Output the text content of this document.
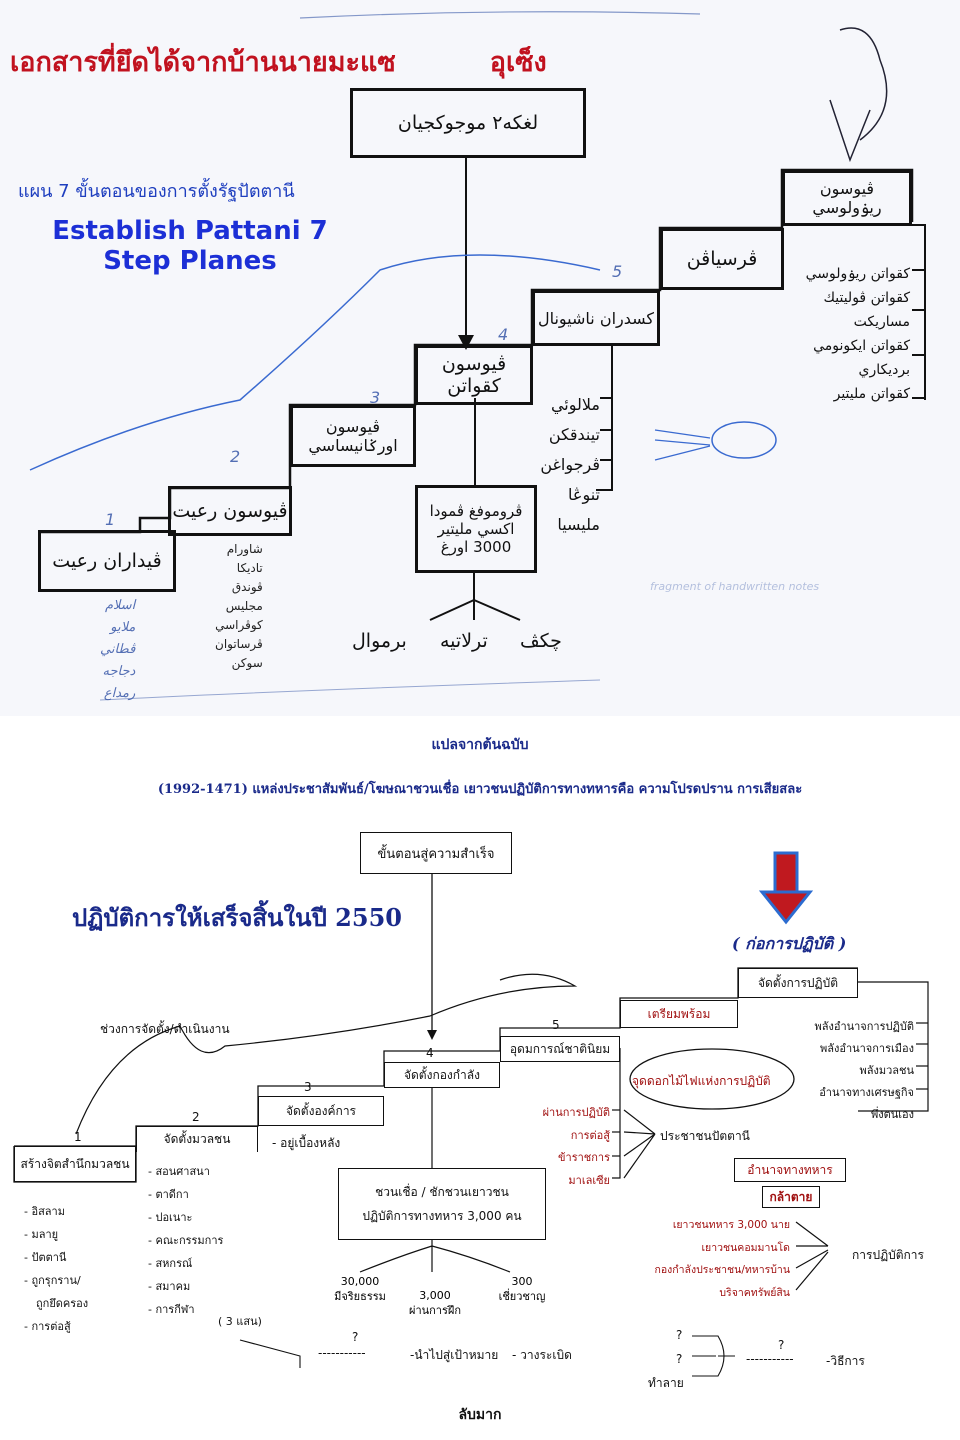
เอกสารที่ยึดได้จากบ้านนายมะแซ          อุเซ็ง
แผน 7 ขั้นตอนของการตั้งรัฐปัตตานี
Establish Pattani 7 Step Planes
لغكه٢ موجوكجيان
ڤيداران رعيت
ڤيوسون رعيت
ڤيوسون اورݢانيساسي
ڤيوسون كقواتن
كسدران ناشيونال
ڤرسياڤن
ڤيوسون ريۏولوسي
1
2
3
4
5
ڤروموفغ ڤمودا اكسي مليتير 3000 اورغ
چكڤ
ترلاتيه
برموال
اسلام
ملايو
ڤطاني
دجاجه
رمداع
شاورام
تاديكا
ڤوندق
مجليس
كوڤراسي
ڤرساتوان
سوكن
ملالوئي تيندقكن
ڤرجواغن
تنوڠا
مليسيا
كقواتن ريۏولوسي
كقواتن ڤوليتيك
مساريكت
كقواتن ايكونومي
برديكاري
كقواتن مليتير
fragment of handwritten notes
แปลจากต้นฉบับ
(1992-1471) แหล่งประชาสัมพันธ์/โฆษณาชวนเชื่อ เยาวชนปฏิบัติการทางทหารคือ ความโปรดปราน การเสียสละ
ขั้นตอนสู่ความสำเร็จ
ปฏิบัติการให้เสร็จสิ้นในปี 2550
( ก่อการปฏิบัติ )
ช่วงการจัดตั้ง/ดำเนินงาน
สร้างจิตสำนึกมวลชน
จัดตั้งมวลชน
จัดตั้งองค์การ
จัดตั้งกองกำลัง
อุดมการณ์ชาตินิยม
เตรียมพร้อม
จัดตั้งการปฏิบัติ
1
2
3
4
5
- อิสลาม
- มลายู
- ปัตตานี
- ถูกรุกราน/
ถูกยึดครอง
- การต่อสู้
- สอนศาสนา
- ตาดีกา
- ปอเนาะ
- คณะกรรมการ
- สหกรณ์
- สมาคม
- การกีฬา
- อยู่เบื้องหลัง
ชวนเชื่อ / ชักชวนเยาวชน
ปฏิบัติการทางทหาร 3,000 คน
30,000
มีจริยธรรม	3,000
ผ่านการฝึก
300
เชี่ยวชาญ
ผ่านการปฏิบัติ
การต่อสู้
ข้าราชการ
มาเลเซีย
ประชาชนปัตตานี
จุดดอกไม้ไฟแห่งการปฏิบัติ
พลังอำนาจการปฏิบัติ
พลังอำนาจการเมือง
พลังมวลชน
อำนาจทางเศรษฐกิจ
พึ่งตนเอง
อำนาจทางทหาร
กล้าตาย
เยาวชนทหาร 3,000 นาย
เยาวชนคอมมานโด
กองกำลังประชาชน/ทหารบ้าน
บริจาคทรัพย์สิน
การปฏิบัติการ
( 3 แสน)
?
-----------	-นำไปสู่เป้าหมาย - วางระเบิด
?
?
?
-----------
ทำลาย
-วิธีการ
ลับมาก
